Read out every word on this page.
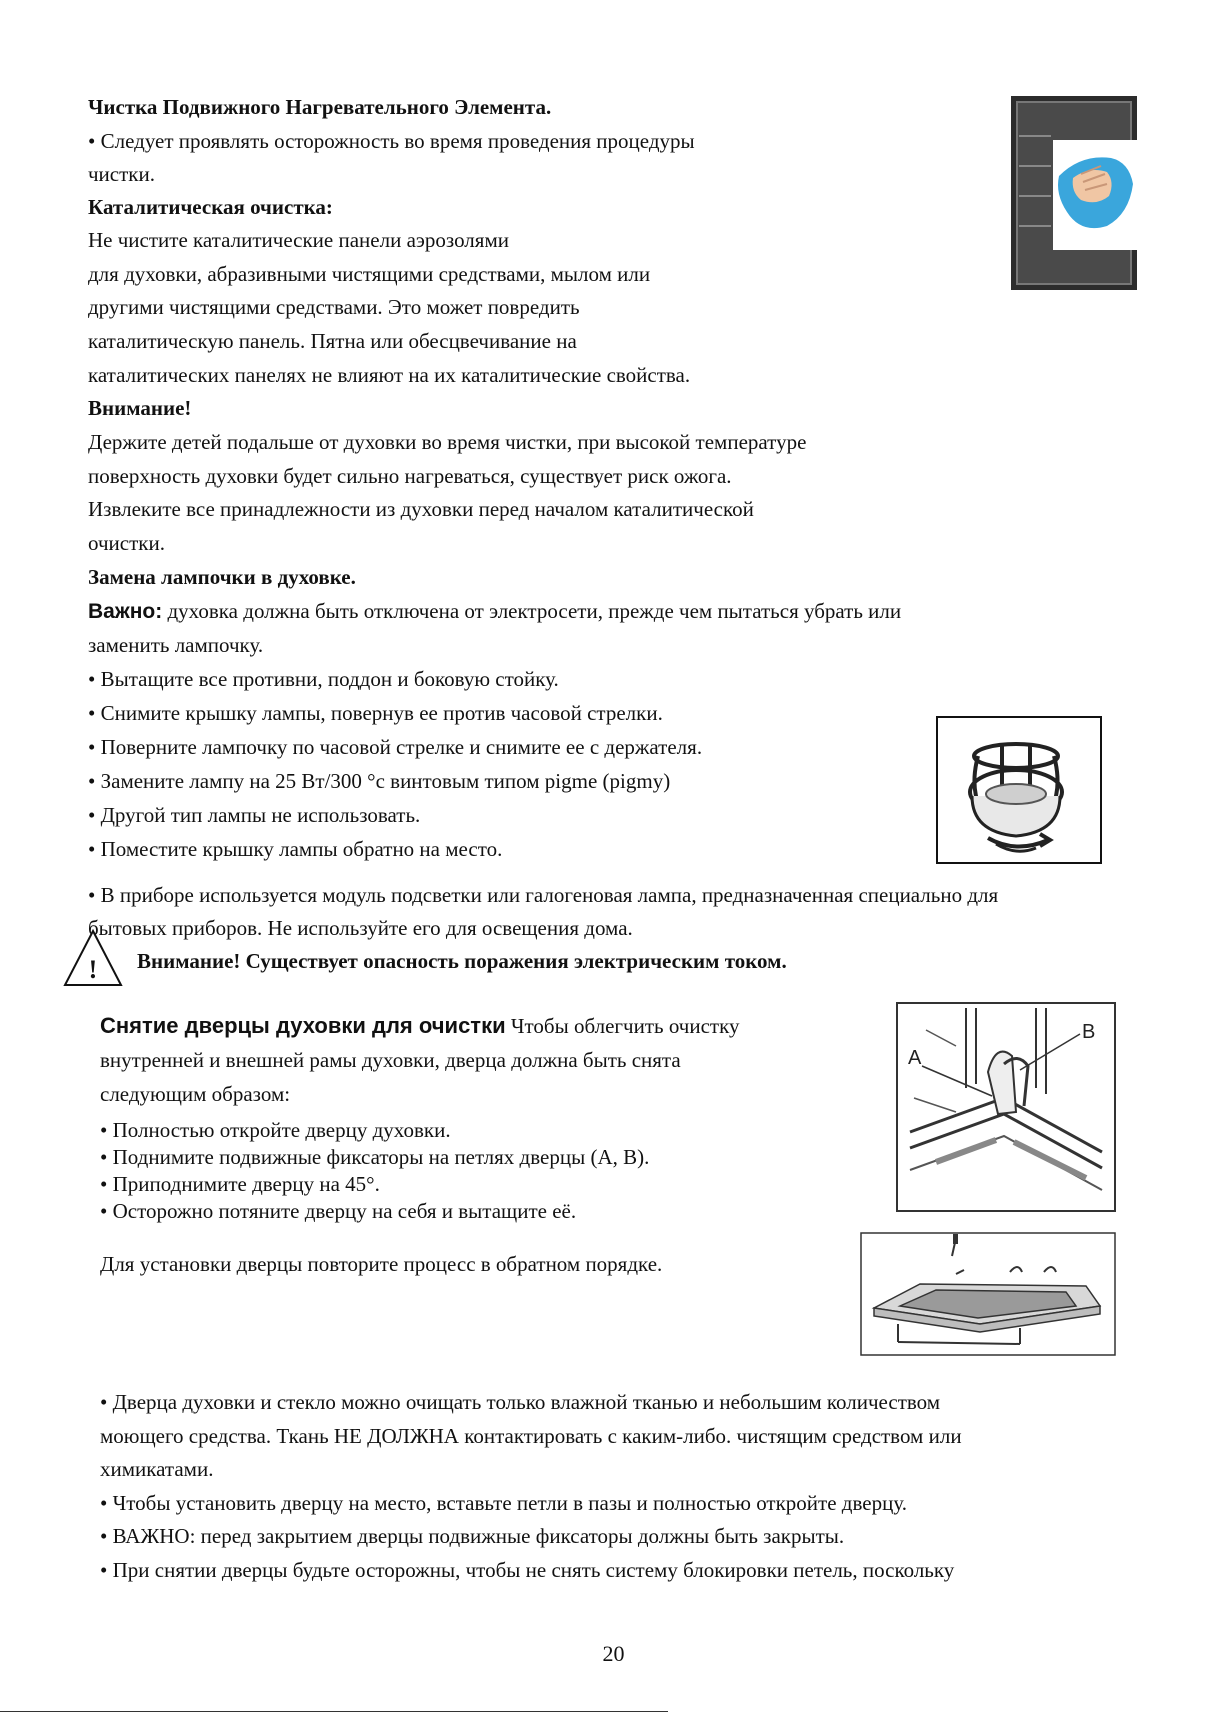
Чистка Подвижного Нагревательного Элемента.
• Следует проявлять осторожность во время проведения процедуры
чистки.
Каталитическая очистка:
Не чистите каталитические панели аэрозолями
для духовки, абразивными чистящими средствами, мылом или
другими чистящими средствами. Это может повредить
каталитическую панель. Пятна или обесцвечивание на
каталитических панелях не влияют на их каталитические свойства.
Внимание!
Держите детей подальше от духовки во время чистки, при высокой температуре
поверхность духовки будет сильно нагреваться, существует риск ожога.
Извлеките все принадлежности из духовки перед началом каталитической
очистки.
Замена лампочки в духовке.
Важно: духовка должна быть отключена от электросети, прежде чем пытаться убрать или
заменить лампочку.
• Вытащите все противни, поддон и боковую стойку.
• Снимите крышку лампы, повернув ее против часовой стрелки.
• Поверните лампочку по часовой стрелке и снимите ее с держателя.
• Замените лампу на 25 Вт/300 °с винтовым типом pigme (pigmy)
• Другой тип лампы не использовать.
• Поместите крышку лампы обратно на место.
• В приборе используется модуль подсветки или галогеновая лампа, предназначенная специально для
бытовых приборов. Не используйте его для освещения дома.
! Внимание! Существует опасность поражения электрическим током.
Снятие дверцы духовки для очистки Чтобы облегчить очистку
внутренней и внешней рамы духовки, дверца должна быть снята
следующим образом:
• Полностью откройте дверцу духовки.
• Поднимите подвижные фиксаторы на петлях дверцы (A, B).
• Приподнимите дверцу на 45°.
• Осторожно потяните дверцу на себя и вытащите её.
Для установки дверцы повторите процесс в обратном порядке.
A
B
• Дверца духовки и стекло можно очищать только влажной тканью и небольшим количеством
моющего средства. Ткань НЕ ДОЛЖНА контактировать с каким-либо. чистящим средством или
химикатами.
• Чтобы установить дверцу на место, вставьте петли в пазы и полностью откройте дверцу.
• ВАЖНО: перед закрытием дверцы подвижные фиксаторы должны быть закрыты.
• При снятии дверцы будьте осторожны, чтобы не снять систему блокировки петель, поскольку
20
